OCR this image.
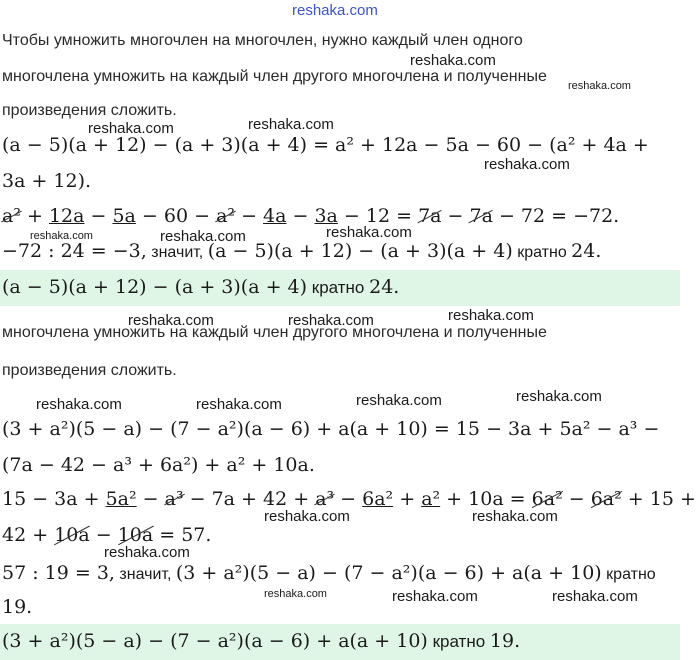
reshaka.com
Чтобы умножить многочлен на многочлен, нужно каждый член одного
многочлена умножить на каждый член другого многочлена и полученные
произведения сложить.
(a − 5)(a + 12) − (a + 3)(a + 4) = a² + 12a − 5a − 60 − (a² + 4a +
3a + 12).
a² + 12a − 5a − 60 − a² − 4a − 3a − 12 = 7a − 7a − 72 = −72.
−72 : 24 = −3, значит, (a − 5)(a + 12) − (a + 3)(a + 4) кратно 24.
(a − 5)(a + 12) − (a + 3)(a + 4) кратно 24.
многочлена умножить на каждый член другого многочлена и полученные
произведения сложить.
(3 + a²)(5 − a) − (7 − a²)(a − 6) + a(a + 10) = 15 − 3a + 5a² − a³ −
(7a − 42 − a³ + 6a²) + a² + 10a.
15 − 3a + 5a² − a³ − 7a + 42 + a³ − 6a² + a² + 10a = 6a² − 6a² + 15 +
42 + 10a − 10a = 57.
57 : 19 = 3, значит, (3 + a²)(5 − a) − (7 − a²)(a − 6) + a(a + 10) кратно
19.
(3 + a²)(5 − a) − (7 − a²)(a − 6) + a(a + 10) кратно 19.
reshaka.com
reshaka.com
reshaka.com	reshaka.com
reshaka.com
reshaka.com	reshaka.com	reshaka.com
reshaka.com	reshaka.com	reshaka.com
reshaka.com	reshaka.com	reshaka.com	reshaka.com
reshaka.com	reshaka.com
reshaka.com
reshaka.com	reshaka.com	reshaka.com
